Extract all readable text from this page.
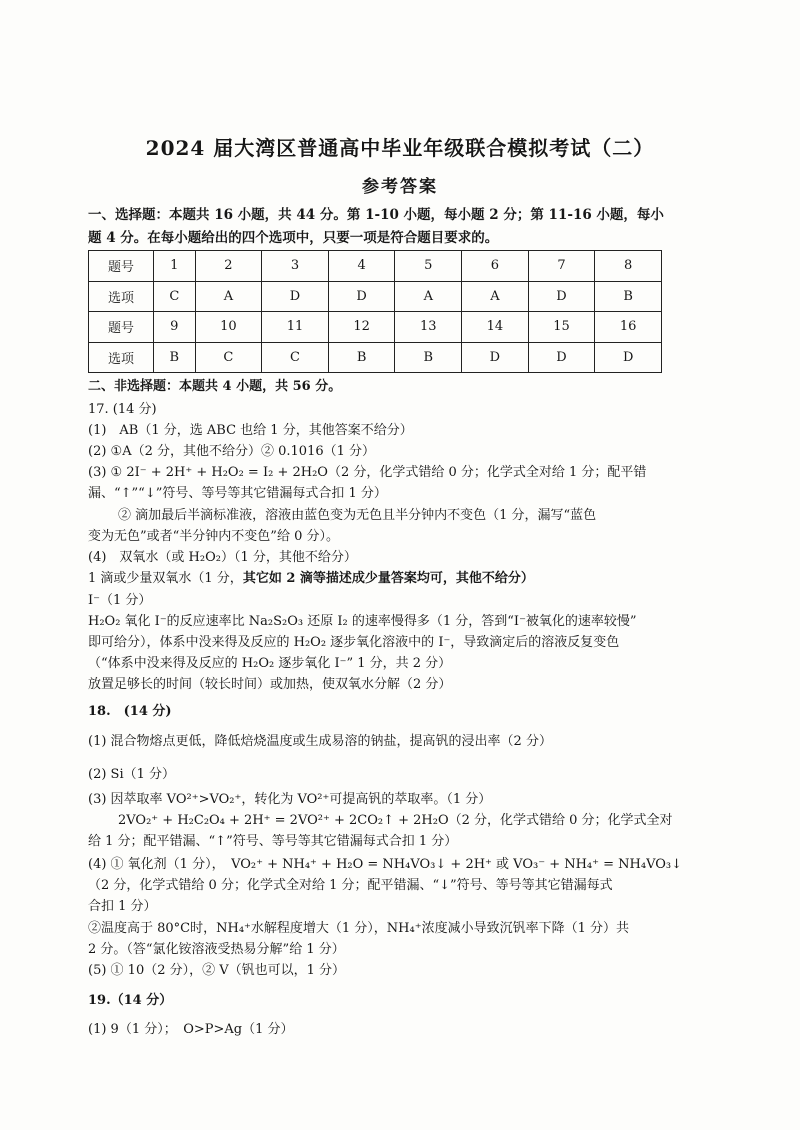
2024 届大湾区普通高中毕业年级联合模拟考试（二）
参考答案
一、选择题：本题共 16 小题，共 44 分。第 1-10 小题，每小题 2 分；第 11-16 小题，每小
题 4 分。在每小题给出的四个选项中，只要一项是符合题目要求的。
题号	1	2	3	4	5	6	7	8
选项	C	A	D	D	A	A	D	B
题号	9	10	11	12	13	14	15	16
选项	B	C	C	B	B	D	D	D
二、非选择题：本题共 4 小题，共 56 分。
17. (14 分)
(1)　AB（1 分，选 ABC 也给 1 分，其他答案不给分）
(2) ①A（2 分，其他不给分）② 0.1016（1 分）
(3) ① 2I⁻ + 2H⁺ + H₂O₂ = I₂ + 2H₂O（2 分，化学式错给 0 分；化学式全对给 1 分；配平错
漏、“↑”“↓”符号、等号等其它错漏每式合扣 1 分）
② 滴加最后半滴标准液，溶液由蓝色变为无色且半分钟内不变色（1 分，漏写“蓝色
变为无色”或者“半分钟内不变色”给 0 分）。
(4)　双氧水（或 H₂O₂）（1 分，其他不给分）
1 滴或少量双氧水（1 分，其它如 2 滴等描述成少量答案均可，其他不给分）
I⁻（1 分）
H₂O₂ 氧化 I⁻的反应速率比 Na₂S₂O₃ 还原 I₂ 的速率慢得多（1 分，答到“I⁻被氧化的速率较慢”
即可给分），体系中没来得及反应的 H₂O₂ 逐步氧化溶液中的 I⁻，导致滴定后的溶液反复变色
（“体系中没来得及反应的 H₂O₂ 逐步氧化 I⁻” 1 分，共 2 分）
放置足够长的时间（较长时间）或加热，使双氧水分解（2 分）
18.　(14 分)
(1) 混合物熔点更低，降低焙烧温度或生成易溶的钠盐，提高钒的浸出率（2 分）
(2) Si（1 分）
(3) 因萃取率 VO²⁺>VO₂⁺，转化为 VO²⁺可提高钒的萃取率。（1 分）
2VO₂⁺ + H₂C₂O₄ + 2H⁺ = 2VO²⁺ + 2CO₂↑ + 2H₂O（2 分，化学式错给 0 分；化学式全对
给 1 分；配平错漏、“↑”符号、等号等其它错漏每式合扣 1 分）
(4) ① 氧化剂（1 分），　VO₂⁺ + NH₄⁺ + H₂O = NH₄VO₃↓ + 2H⁺ 或 VO₃⁻ + NH₄⁺ = NH₄VO₃↓
（2 分，化学式错给 0 分；化学式全对给 1 分；配平错漏、“↓”符号、等号等其它错漏每式
合扣 1 分）
②温度高于 80°C时，NH₄⁺水解程度增大（1 分），NH₄⁺浓度减小导致沉钒率下降（1 分）共
2 分。（答“氯化铵溶液受热易分解”给 1 分）
(5) ① 10（2 分），② V（钒也可以，1 分）
19.（14 分）
(1) 9（1 分）；　O>P>Ag（1 分）
